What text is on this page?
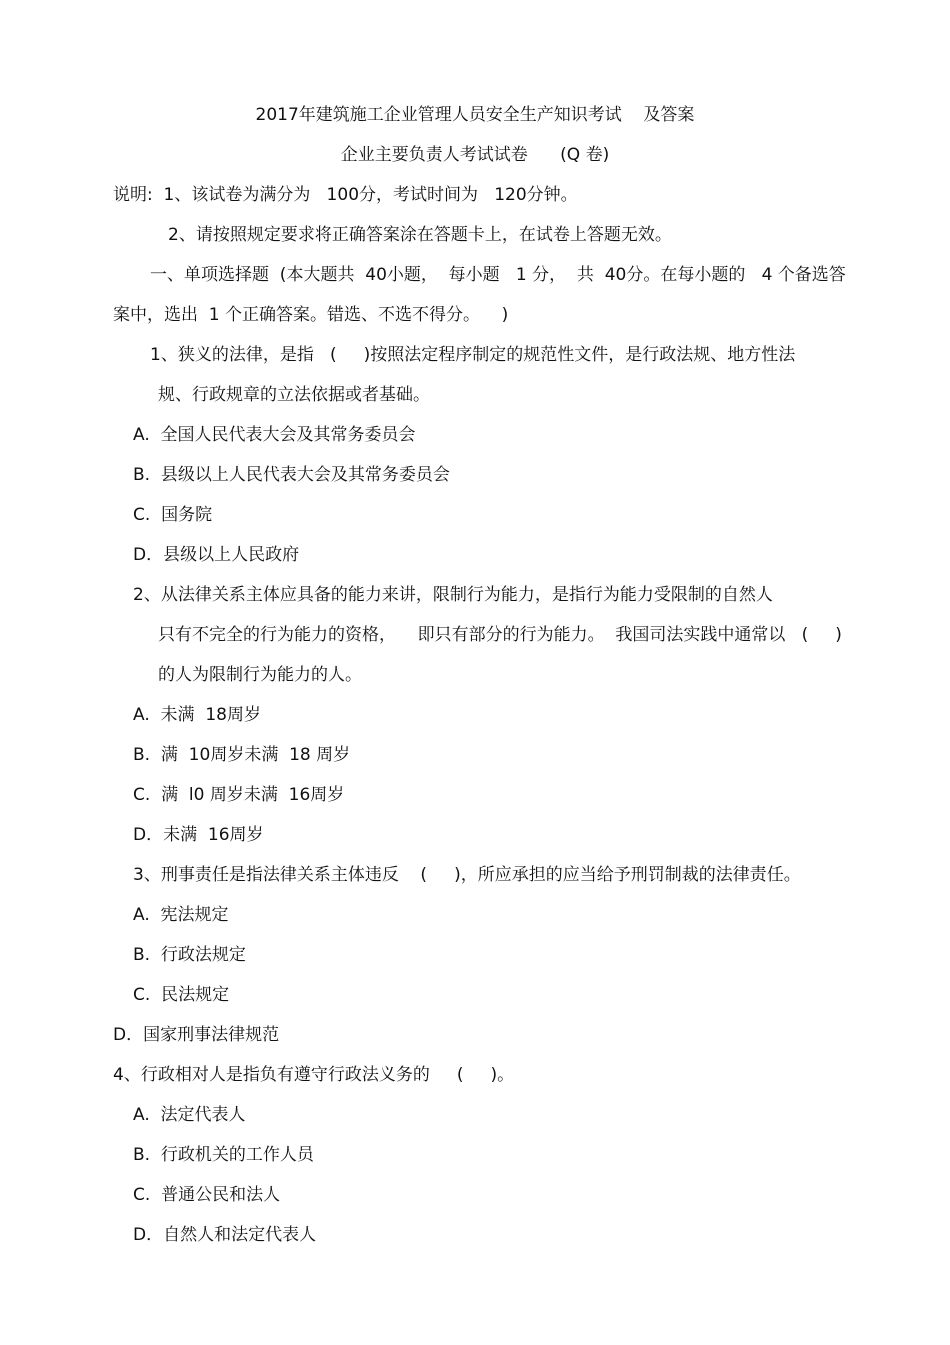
2017年建筑施工企业管理人员安全生产知识考试    及答案
企业主要负责人考试试卷      (Q 卷)
说明:  1、该试卷为满分为   100分，考试时间为   120分钟。
2、请按照规定要求将正确答案涂在答题卡上，在试卷上答题无效。
一、单项选择题  (本大题共  40小题，  每小题   1 分，  共  40分。在每小题的   4 个备选答
案中，选出  1 个正确答案。错选、不选不得分。    )
1、狭义的法律，是指   (     )按照法定程序制定的规范性文件，是行政法规、地方性法
规、行政规章的立法依据或者基础。
A.  全国人民代表大会及其常务委员会
B.  县级以上人民代表大会及其常务委员会
C.  国务院
D．县级以上人民政府
2、从法律关系主体应具备的能力来讲，限制行为能力，是指行为能力受限制的自然人
只有不完全的行为能力的资格，    即只有部分的行为能力。  我国司法实践中通常以   (     )
的人为限制行为能力的人。
A.  未满  18周岁
B.  满  10周岁未满  18 周岁
C.  满  l0 周岁未满  16周岁
D．未满  16周岁
3、刑事责任是指法律关系主体违反    (     )，所应承担的应当给予刑罚制裁的法律责任。
A.  宪法规定
B.  行政法规定
C.  民法规定
D．国家刑事法律规范
4、行政相对人是指负有遵守行政法义务的     (     )。
A.  法定代表人
B.  行政机关的工作人员
C.  普通公民和法人
D．自然人和法定代表人
